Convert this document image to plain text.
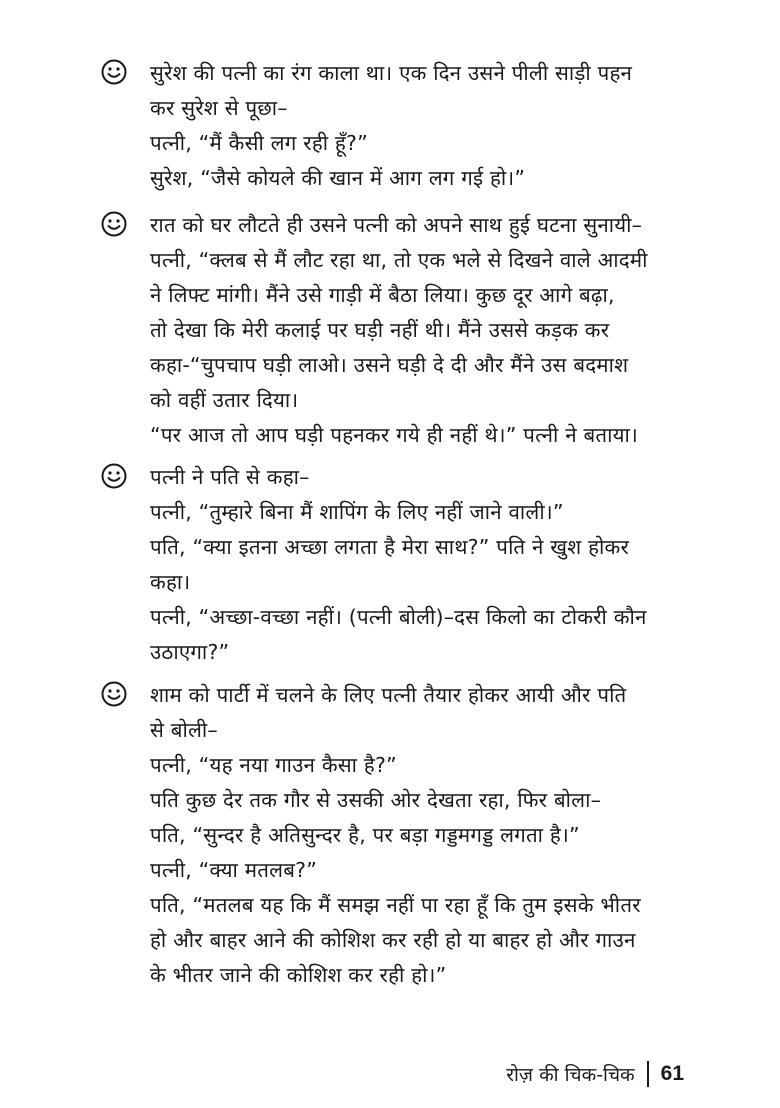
सुरेश की पत्नी का रंग काला था। एक दिन उसने पीली साड़ी पहन
कर सुरेश से पूछा–
पत्नी, “मैं कैसी लग रही हूँ?”
सुरेश, “जैसे कोयले की खान में आग लग गई हो।”
रात को घर लौटते ही उसने पत्नी को अपने साथ हुई घटना सुनायी–
पत्नी, “क्लब से मैं लौट रहा था, तो एक भले से दिखने वाले आदमी
ने लिफ्ट मांगी। मैंने उसे गाड़ी में बैठा लिया। कुछ दूर आगे बढ़ा,
तो देखा कि मेरी कलाई पर घड़ी नहीं थी। मैंने उससे कड़क कर
कहा-“चुपचाप घड़ी लाओ। उसने घड़ी दे दी और मैंने उस बदमाश
को वहीं उतार दिया।
“पर आज तो आप घड़ी पहनकर गये ही नहीं थे।” पत्नी ने बताया।
पत्नी ने पति से कहा–
पत्नी, “तुम्हारे बिना मैं शापिंग के लिए नहीं जाने वाली।”
पति, “क्या इतना अच्छा लगता है मेरा साथ?” पति ने खुश होकर
कहा।
पत्नी, “अच्छा-वच्छा नहीं। (पत्नी बोली)–दस किलो का टोकरी कौन
उठाएगा?”
शाम को पार्टी में चलने के लिए पत्नी तैयार होकर आयी और पति
से बोली–
पत्नी, “यह नया गाउन कैसा है?”
पति कुछ देर तक गौर से उसकी ओर देखता रहा, फिर बोला–
पति, “सुन्दर है अतिसुन्दर है, पर बड़ा गड्डमगड्ड लगता है।”
पत्नी, “क्या मतलब?”
पति, “मतलब यह कि मैं समझ नहीं पा रहा हूँ कि तुम इसके भीतर
हो और बाहर आने की कोशिश कर रही हो या बाहर हो और गाउन
के भीतर जाने की कोशिश कर रही हो।”
रोज़ की चिक-चिक 61
